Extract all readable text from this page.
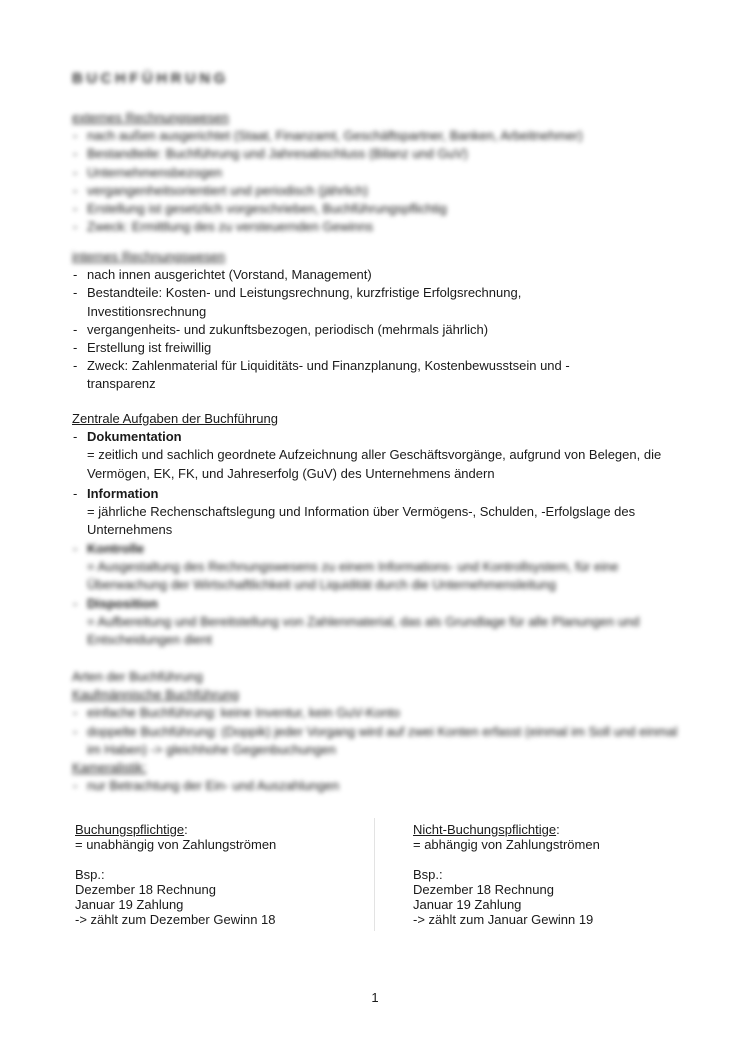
BUCHFÜHRUNG
externes Rechnungswesen
- nach außen ausgerichtet (Staat, Finanzamt, Geschäftspartner, Banken, Arbeitnehmer)
- Bestandteile: Buchführung und Jahresabschluss (Bilanz und GuV)
- Unternehmensbezogen
- vergangenheitsorientiert und periodisch (jährlich)
- Erstellung ist gesetzlich vorgeschrieben, Buchführungspflichtig
- Zweck: Ermittlung des zu versteuernden Gewinns
internes Rechnungswesen
- nach innen ausgerichtet (Vorstand, Management)
- Bestandteile: Kosten- und Leistungsrechnung, kurzfristige Erfolgsrechnung, Investitionsrechnung
- vergangenheits- und zukunftsbezogen, periodisch (mehrmals jährlich)
- Erstellung ist freiwillig
- Zweck: Zahlenmaterial für Liquiditäts- und Finanzplanung, Kostenbewusstsein und -transparenz
Zentrale Aufgaben der Buchführung
- Dokumentation
= zeitlich und sachlich geordnete Aufzeichnung aller Geschäftsvorgänge, aufgrund von Belegen, die Vermögen, EK, FK, und Jahreserfolg (GuV) des Unternehmens ändern
- Information
= jährliche Rechenschaftslegung und Information über Vermögens-, Schulden, -Erfolgslage des Unternehmens
- Kontrolle
= Ausgestaltung des Rechnungswesens zu einem Informations- und Kontrollsystem, für eine Überwachung der Wirtschaftlichkeit und Liquidität durch die Unternehmensleitung
- Disposition
= Aufbereitung und Bereitstellung von Zahlenmaterial, das als Grundlage für alle Planungen und Entscheidungen dient
Arten der Buchführung
Kaufmännische Buchführung
- einfache Buchführung: keine Inventur, kein GuV-Konto
- doppelte Buchführung: (Doppik) jeder Vorgang wird auf zwei Konten erfasst (einmal im Soll und einmal im Haben) -> gleichhohe Gegenbuchungen
Kameralistik:
- nur Betrachtung der Ein- und Auszahlungen
Buchungspflichtige:
= unabhängig von Zahlungströmen
Bsp.:
Dezember 18 Rechnung
Januar 19 Zahlung
-> zählt zum Dezember Gewinn 18
Nicht-Buchungspflichtige:
= abhängig von Zahlungströmen
Bsp.:
Dezember 18 Rechnung
Januar 19 Zahlung
-> zählt zum Januar Gewinn 19
1
